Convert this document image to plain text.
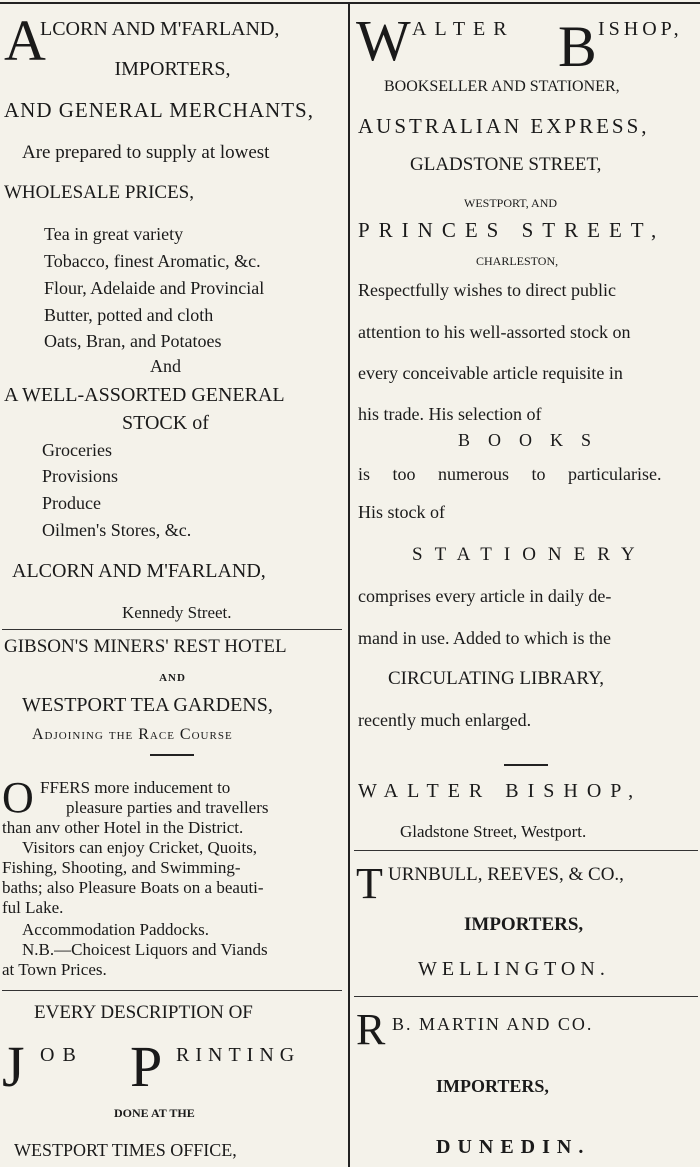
A
LCORN AND M'FARLAND,
IMPORTERS,
AND GENERAL MERCHANTS,
Are prepared to supply at lowest
WHOLESALE PRICES,
Tea in great variety
Tobacco, finest Aromatic, &c.
Flour, Adelaide and Provincial
Butter, potted and cloth
Oats, Bran, and Potatoes
And
A WELL-ASSORTED GENERAL
STOCK of
Groceries
Provisions
Produce
Oilmen's Stores, &c.
ALCORN AND M'FARLAND,
Kennedy Street.
GIBSON'S MINERS' REST HOTEL
AND
WESTPORT TEA GARDENS,
Adjoining the Race Course
O FFERS more inducement to
pleasure parties and travellers
than anv other Hotel in the District.
Visitors can enjoy Cricket, Quoits,
Fishing, Shooting, and Swimming-
baths; also Pleasure Boats on a beauti-
ful Lake.
Accommodation Paddocks.
N.B.—Choicest Liquors and Viands
at Town Prices.
EVERY DESCRIPTION OF
J OB P RINTING
DONE AT THE
WESTPORT TIMES OFFICE,
W ALTER B ISHOP,
BOOKSELLER AND STATIONER,
AUSTRALIAN EXPRESS,
GLADSTONE STREET,
WESTPORT, AND
PRINCES STREET,
CHARLESTON,
Respectfully wishes to direct public
attention to his well-assorted stock on
every conceivable article requisite in
his trade. His selection of
BOOKS
is too numerous to particularise.
His stock of
STATIONERY
comprises every article in daily de-
mand in use. Added to which is the
CIRCULATING LIBRARY,
recently much enlarged.
WALTER BISHOP,
Gladstone Street, Westport.
T URNBULL, REEVES, & CO.,
IMPORTERS,
WELLINGTON.
R B. MARTIN AND CO.
IMPORTERS,
DUNEDIN.
